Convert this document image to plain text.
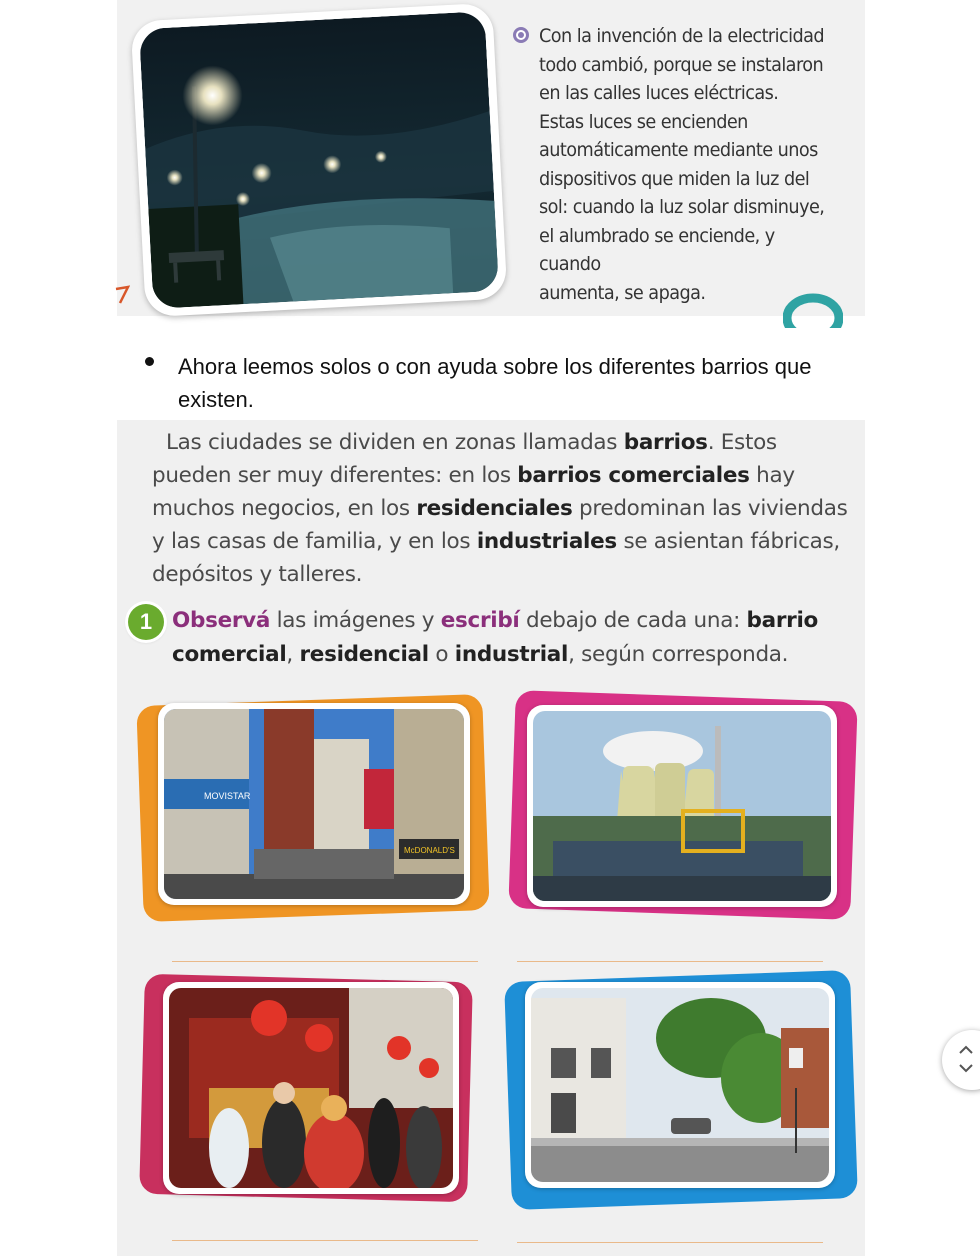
Con la invención de la electricidad
todo cambió, porque se instalaron
en las calles luces eléctricas.
Estas luces se encienden
automáticamente mediante unos
dispositivos que miden la luz del
sol: cuando la luz solar disminuye,
el alumbrado se enciende, y cuando
aumenta, se apaga.
Ahora leemos solos o con ayuda sobre los diferentes barrios que existen.
Las ciudades se dividen en zonas llamadas barrios. Estos pueden ser muy diferentes: en los barrios comerciales hay muchos negocios, en los residenciales predominan las viviendas y las casas de familia, y en los industriales se asientan fábricas, depósitos y talleres.
1 Observá las imágenes y escribí debajo de cada una: barrio comercial, residencial o industrial, según corresponda.
MOVISTAR
McDONALD'S
